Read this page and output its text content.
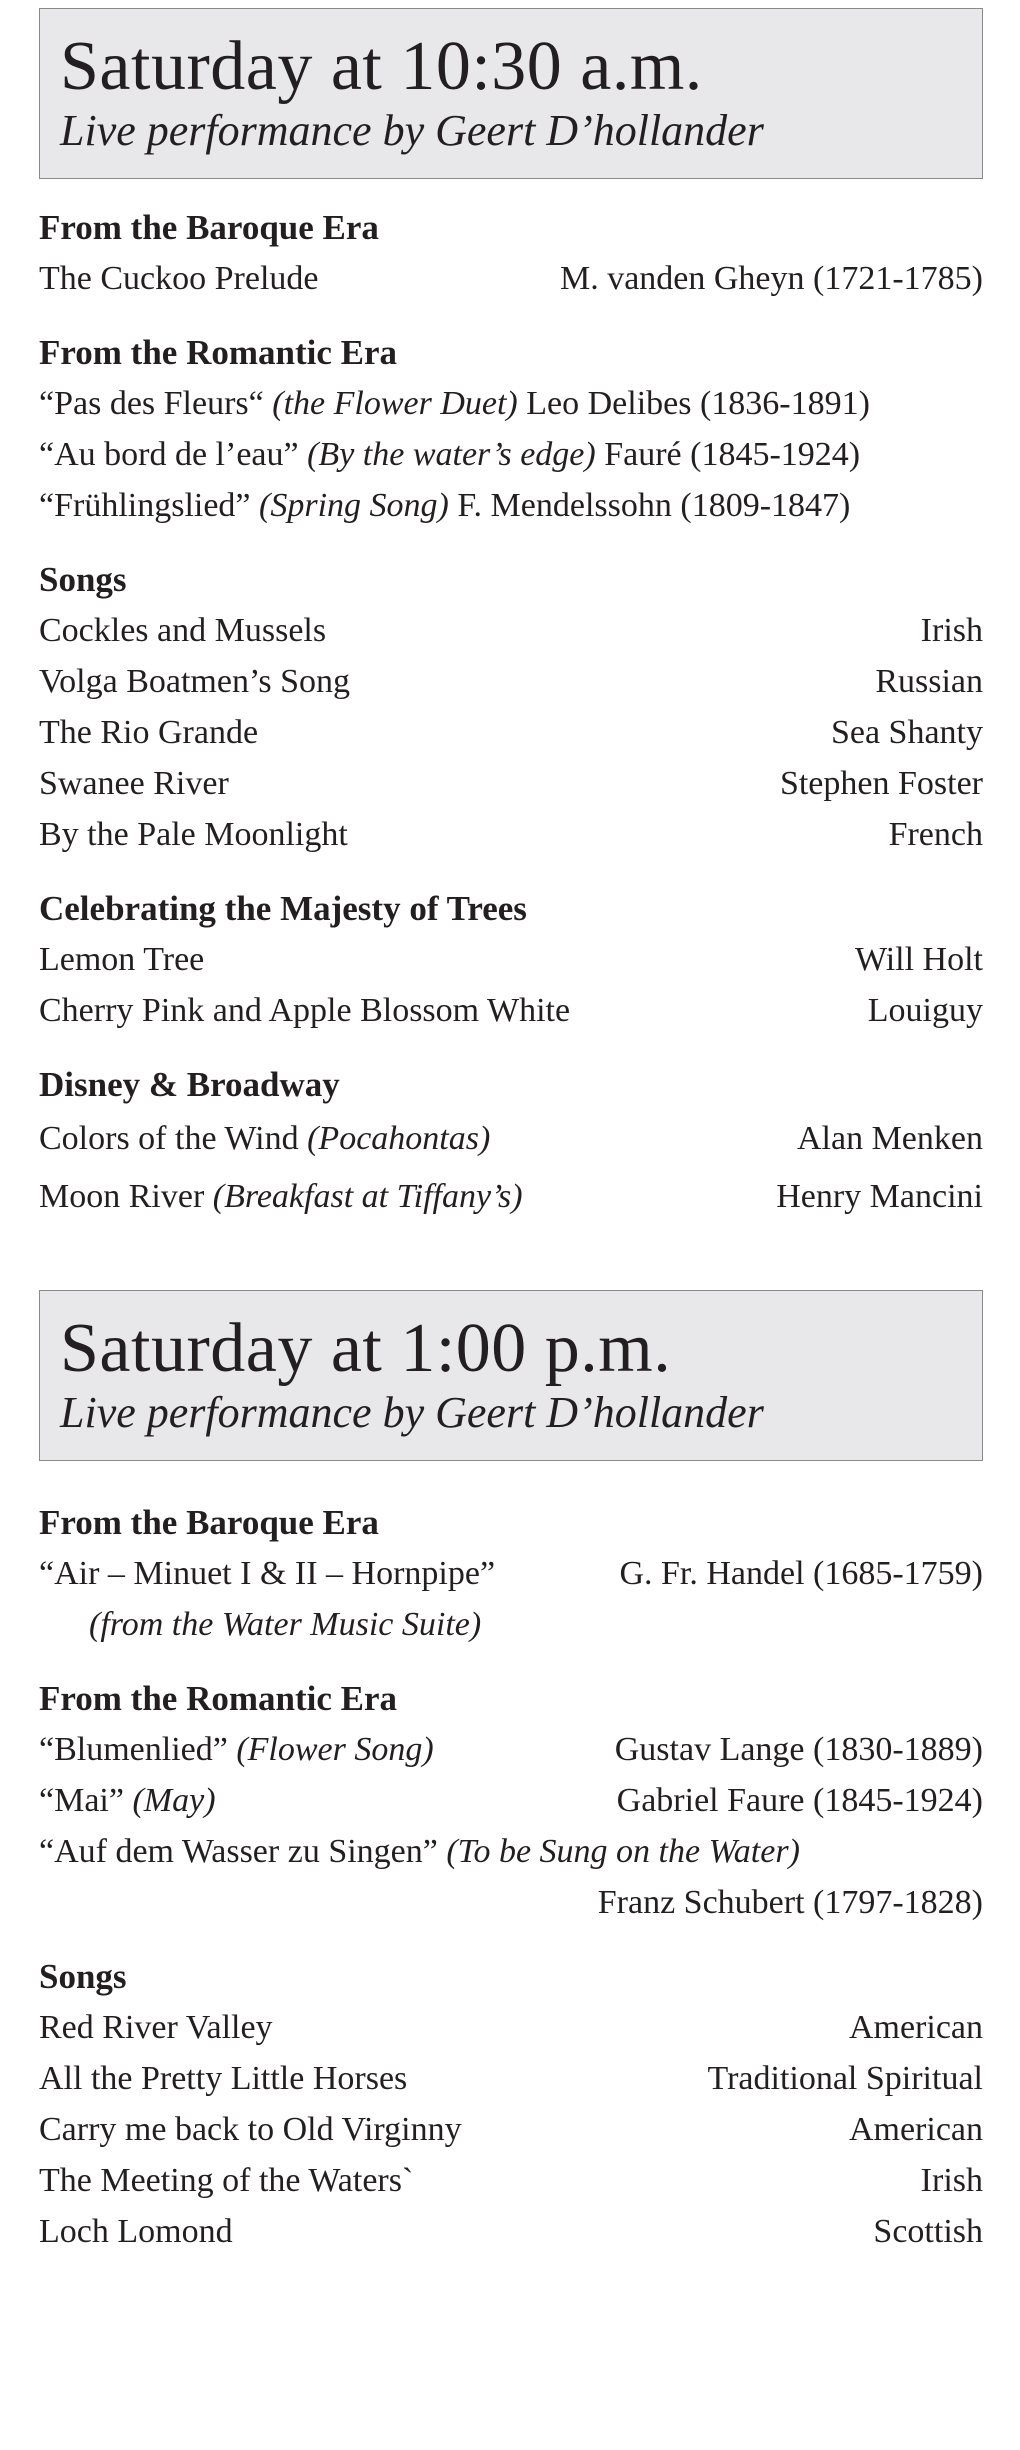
Saturday at 10:30 a.m.
Live performance by Geert D’hollander
From the Baroque Era
The Cuckoo Prelude	M. vanden Gheyn (1721-1785)
From the Romantic Era
“Pas des Fleurs“ (the Flower Duet) Leo Delibes (1836-1891)
“Au bord de l’eau” (By the water’s edge) Fauré (1845-1924)
“Frühlingslied” (Spring Song) F. Mendelssohn (1809-1847)
Songs
Cockles and Mussels	Irish
Volga Boatmen’s Song	Russian
The Rio Grande	Sea Shanty
Swanee River	Stephen Foster
By the Pale Moonlight	French
Celebrating the Majesty of Trees
Lemon Tree	Will Holt
Cherry Pink and Apple Blossom White	Louiguy
Disney & Broadway
Colors of the Wind (Pocahontas)	Alan Menken
Moon River (Breakfast at Tiffany’s)	Henry Mancini
Saturday at 1:00 p.m.
Live performance by Geert D’hollander
From the Baroque Era
“Air – Minuet I & II – Hornpipe”	G. Fr. Handel (1685-1759)
(from the Water Music Suite)
From the Romantic Era
“Blumenlied” (Flower Song)	Gustav Lange (1830-1889)
“Mai” (May)	Gabriel Faure (1845-1924)
“Auf dem Wasser zu Singen” (To be Sung on the Water)
Franz Schubert (1797-1828)
Songs
Red River Valley	American
All the Pretty Little Horses	Traditional Spiritual
Carry me back to Old Virginny	American
The Meeting of the Waters`	Irish
Loch Lomond	Scottish
